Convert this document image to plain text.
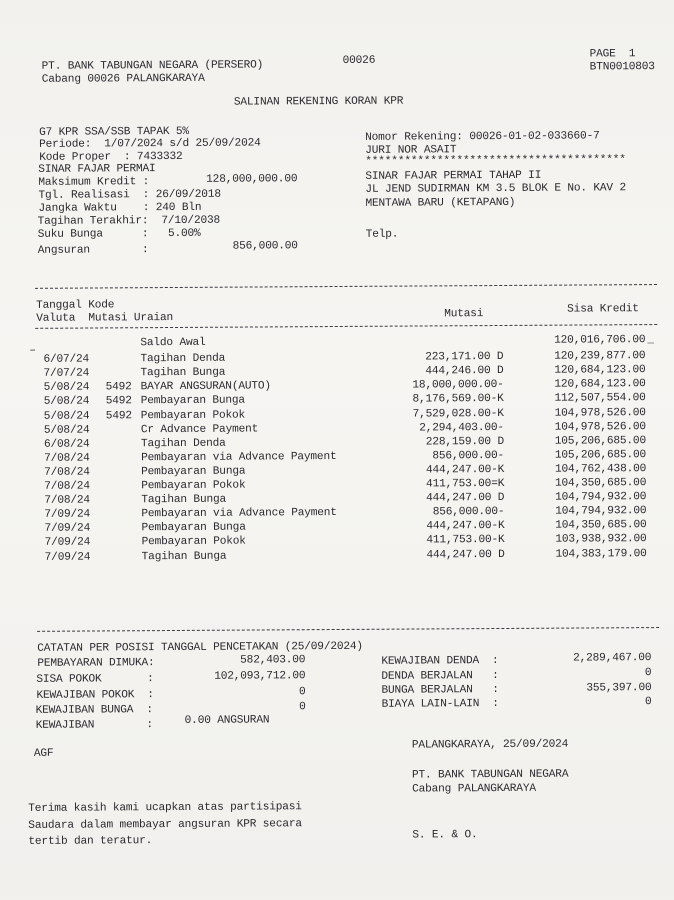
PT. BANK TABUNGAN NEGARA (PERSERO)
Cabang 00026 PALANGKARAYA
00026
PAGE  1
BTN0010803
SALINAN REKENING KORAN KPR
G7 KPR SSA/SSB TAPAK 5%
Periode:  1/07/2024 s/d 25/09/2024
Kode Proper  : 7433332
SINAR FAJAR PERMAI
Maksimum Kredit :	128,000,000.00
Tgl. Realisasi  : 26/09/2018
Jangka Waktu    : 240 Bln
Tagihan Terakhir:  7/10/2038
Suku Bunga      :   5.00%
Angsuran        :	856,000.00
Nomor Rekening: 00026-01-02-033660-7
JURI NOR ASAIT
****************************************
SINAR FAJAR PERMAI TAHAP II
JL JEND SUDIRMAN KM 3.5 BLOK E No. KAV 2
MENTAWA BARU (KETAPANG)
Telp.
Tanggal Kode
Valuta  Mutasi Uraian	Mutasi	Sisa Kredit
–
_
Saldo Awal	120,016,706.00
6/07/24	Tagihan Denda	223,171.00 D	120,239,877.00
7/07/24	Tagihan Bunga	444,246.00 D	120,684,123.00
5/08/24 5492 BAYAR ANGSURAN(AUTO)	18,000,000.00-	120,684,123.00
5/08/24 5492 Pembayaran Bunga	8,176,569.00-K	112,507,554.00
5/08/24 5492 Pembayaran Pokok	7,529,028.00-K	104,978,526.00
5/08/24	Cr Advance Payment	2,294,403.00-	104,978,526.00
6/08/24	Tagihan Denda	228,159.00 D	105,206,685.00
7/08/24	Pembayaran via Advance Payment	856,000.00-	105,206,685.00
7/08/24	Pembayaran Bunga	444,247.00-K	104,762,438.00
7/08/24	Pembayaran Pokok	411,753.00=K	104,350,685.00
7/08/24	Tagihan Bunga	444,247.00 D	104,794,932.00
7/09/24	Pembayaran via Advance Payment	856,000.00-	104,794,932.00
7/09/24	Pembayaran Bunga	444,247.00-K	104,350,685.00
7/09/24	Pembayaran Pokok	411,753.00-K	103,938,932.00
7/09/24	Tagihan Bunga	444,247.00 D	104,383,179.00
CATATAN PER POSISI TANGGAL PENCETAKAN (25/09/2024)
PEMBAYARAN DIMUKA:	582,403.00
SISA POKOK       :	102,093,712.00
KEWAJIBAN POKOK  :	0
KEWAJIBAN BUNGA  :	0
KEWAJIBAN        :	0.00 ANGSURAN
KEWAJIBAN DENDA  :	2,289,467.00
DENDA BERJALAN   :	0
BUNGA BERJALAN   :	355,397.00
BIAYA LAIN-LAIN  :	0
AGF
PALANGKARAYA, 25/09/2024
PT. BANK TABUNGAN NEGARA
Cabang PALANGKARAYA
Terima kasih kami ucapkan atas partisipasi
Saudara dalam membayar angsuran KPR secara
tertib dan teratur.	S. E. & O.
